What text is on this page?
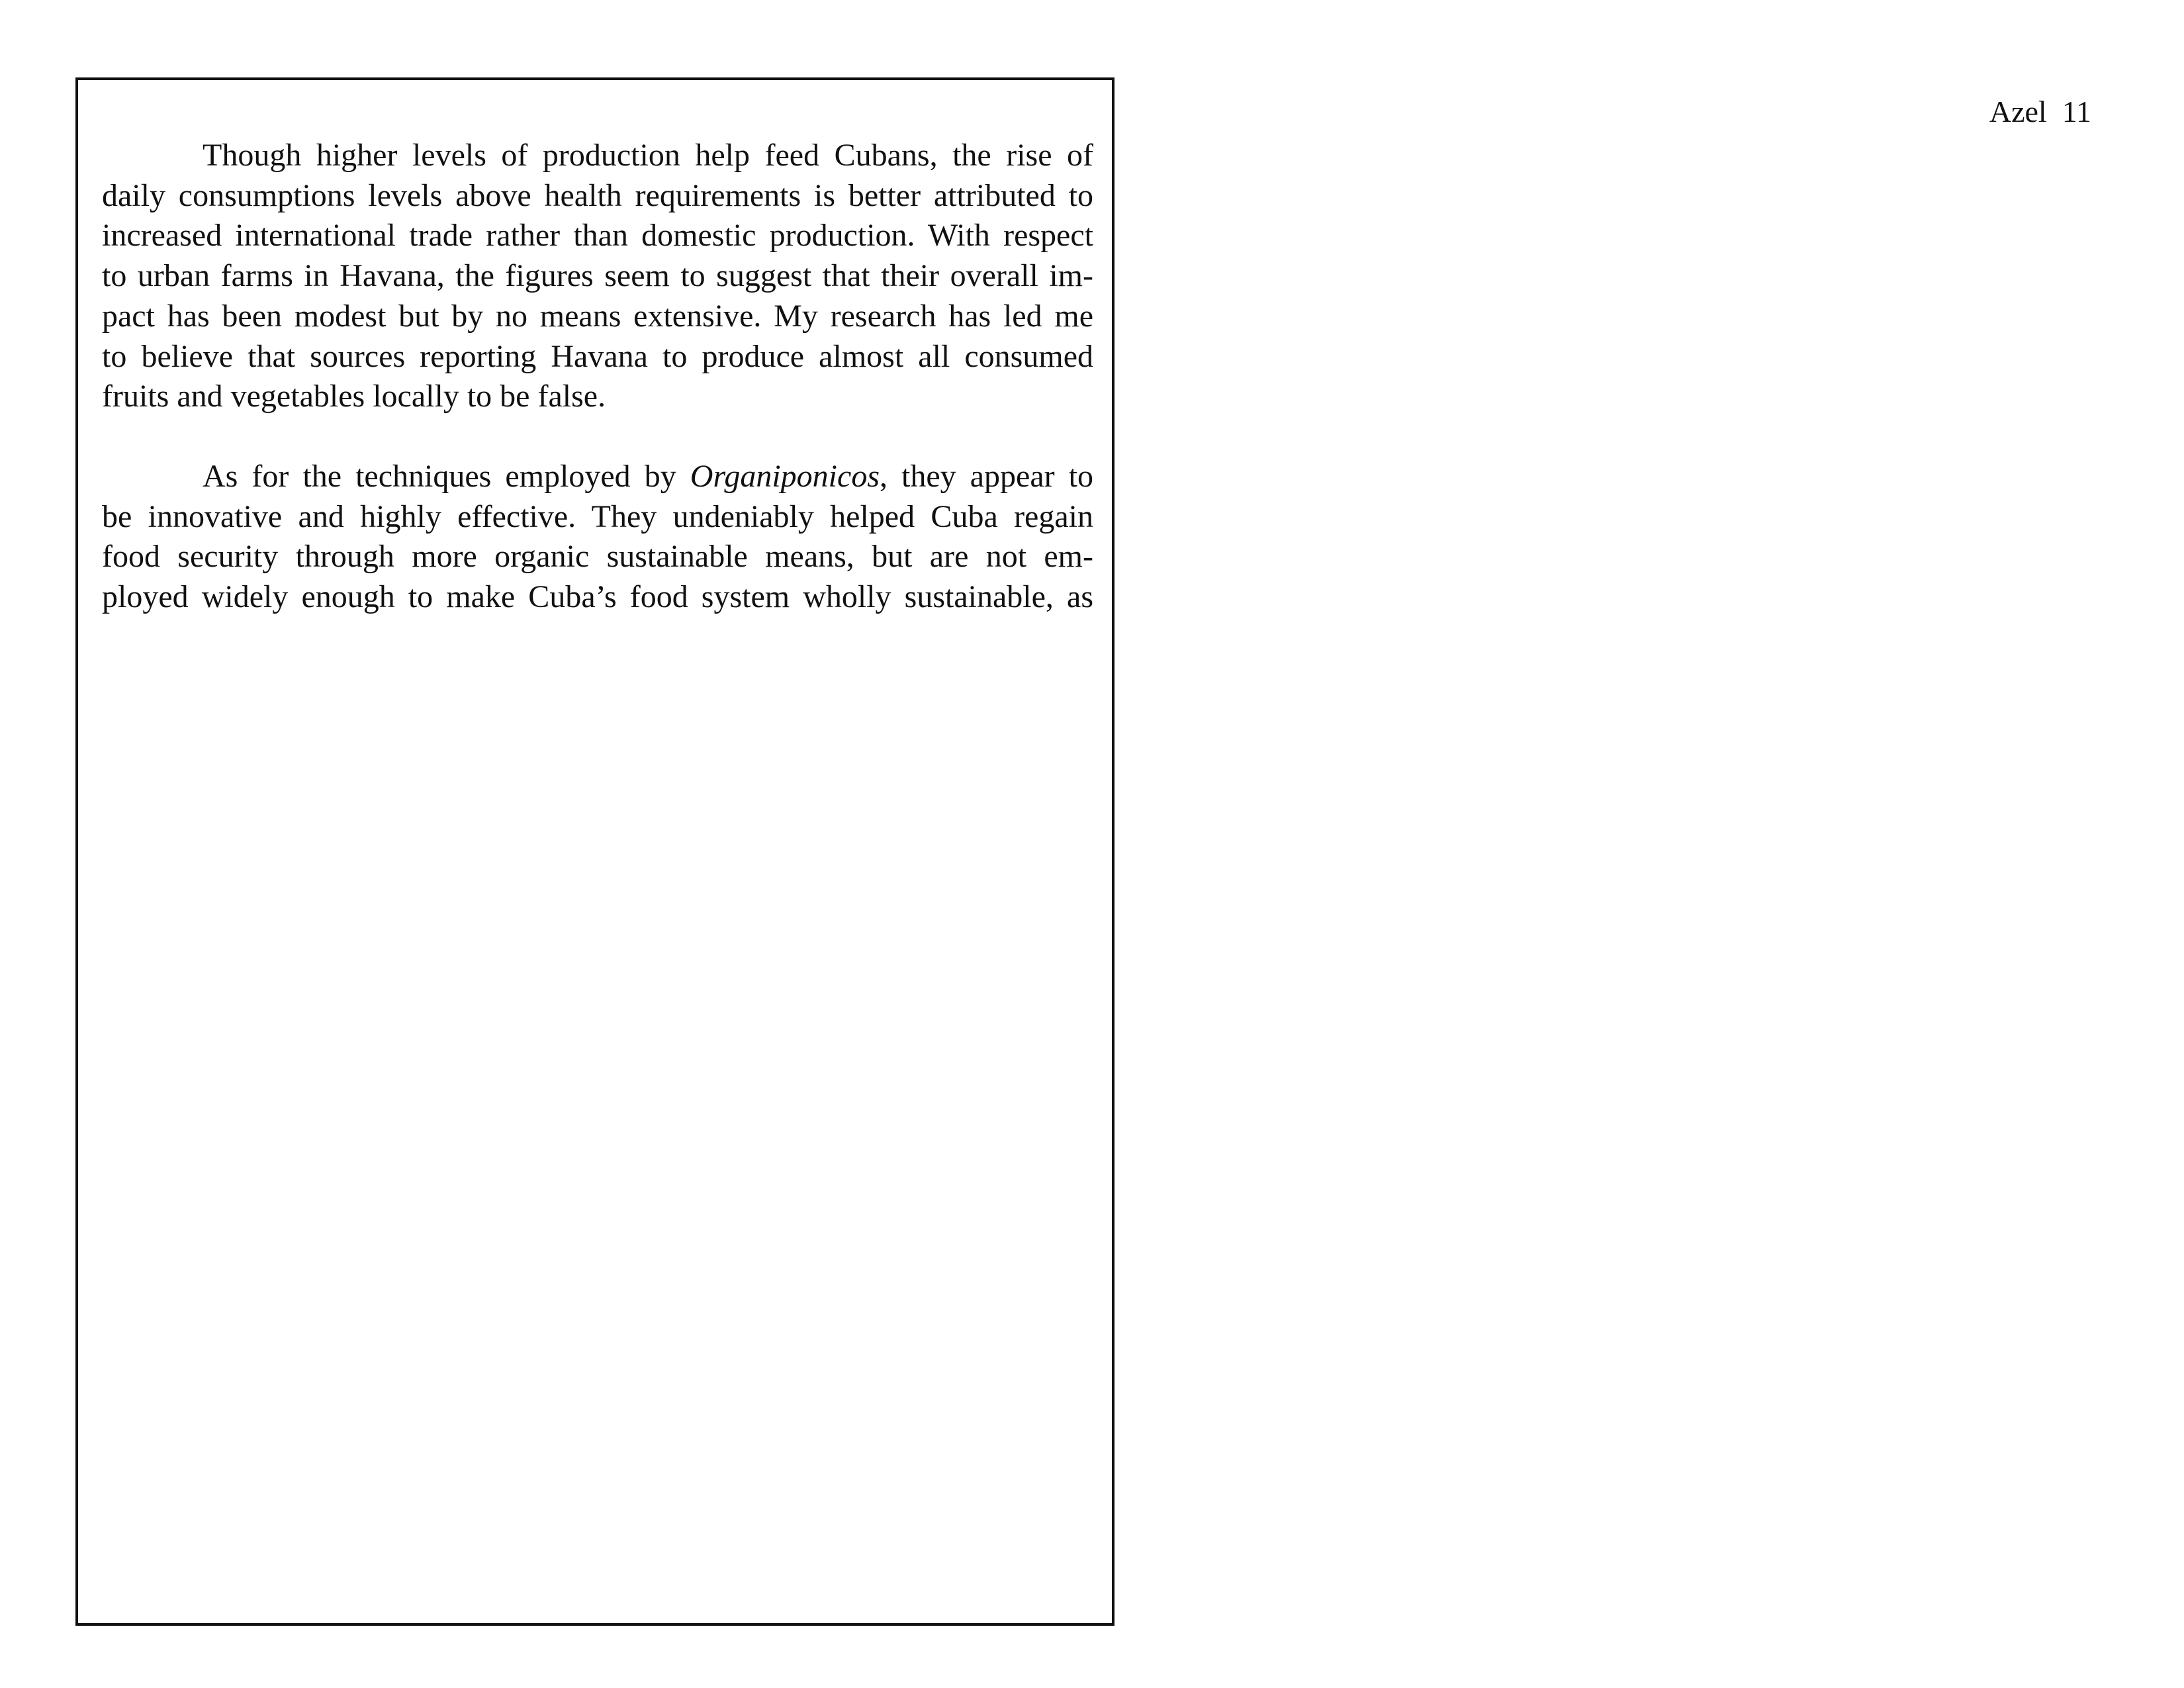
Azel 11
Though higher levels of production help feed Cubans, the rise of
daily consumptions levels above health requirements is better attributed to
increased international trade rather than domestic production. With respect
to urban farms in Havana, the figures seem to suggest that their overall im-
pact has been modest but by no means extensive. My research has led me
to believe that sources reporting Havana to produce almost all consumed
fruits and vegetables locally to be false.
As for the techniques employed by Organiponicos, they appear to
be innovative and highly effective. They undeniably helped Cuba regain
food security through more organic sustainable means, but are not em-
ployed widely enough to make Cuba’s food system wholly sustainable, as
